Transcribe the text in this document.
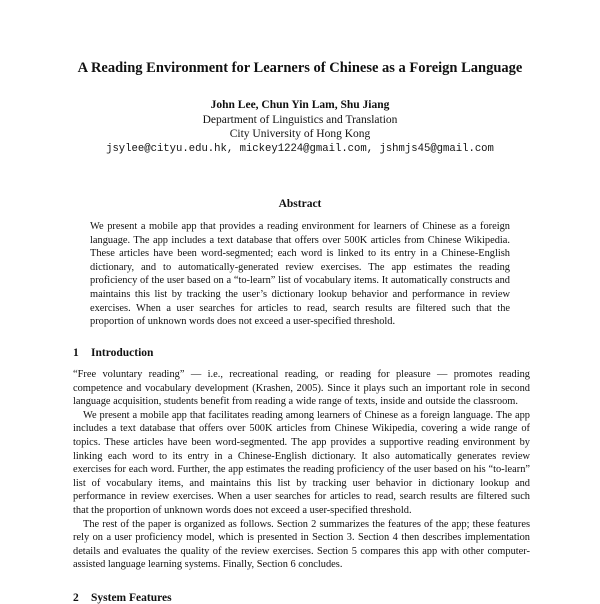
A Reading Environment for Learners of Chinese as a Foreign Language
John Lee, Chun Yin Lam, Shu Jiang
Department of Linguistics and Translation
City University of Hong Kong
jsylee@cityu.edu.hk, mickey1224@gmail.com, jshmjs45@gmail.com
Abstract

We present a mobile app that provides a reading environment for learners of Chinese as a foreign language. The app includes a text database that offers over 500K articles from Chinese Wikipedia. These articles have been word-segmented; each word is linked to its entry in a Chinese-English dictionary, and to automatically-generated review exercises. The app estimates the reading proficiency of the user based on a “to-learn” list of vocabulary items. It automatically constructs and maintains this list by tracking the user’s dictionary lookup behavior and performance in review exercises. When a user searches for articles to read, search results are filtered such that the proportion of unknown words does not exceed a user-specified threshold.

1 Introduction

“Free voluntary reading” — i.e., recreational reading, or reading for pleasure — promotes reading competence and vocabulary development (Krashen, 2005). Since it plays such an important role in second language acquisition, students benefit from reading a wide range of texts, inside and outside the classroom.

We present a mobile app that facilitates reading among learners of Chinese as a foreign language. The app includes a text database that offers over 500K articles from Chinese Wikipedia, covering a wide range of topics. These articles have been word-segmented. The app provides a supportive reading environment by linking each word to its entry in a Chinese-English dictionary. It also automatically generates review exercises for each word. Further, the app estimates the reading proficiency of the user based on his “to-learn” list of vocabulary items, and maintains this list by tracking user behavior in dictionary lookup and performance in review exercises. When a user searches for articles to read, search results are filtered such that the proportion of unknown words does not exceed a user-specified threshold.

The rest of the paper is organized as follows. Section 2 summarizes the features of the app; these features rely on a user proficiency model, which is presented in Section 3. Section 4 then describes implementation details and evaluates the quality of the review exercises. Section 5 compares this app with other computer-assisted language learning systems. Finally, Section 6 concludes.

2 System Features
